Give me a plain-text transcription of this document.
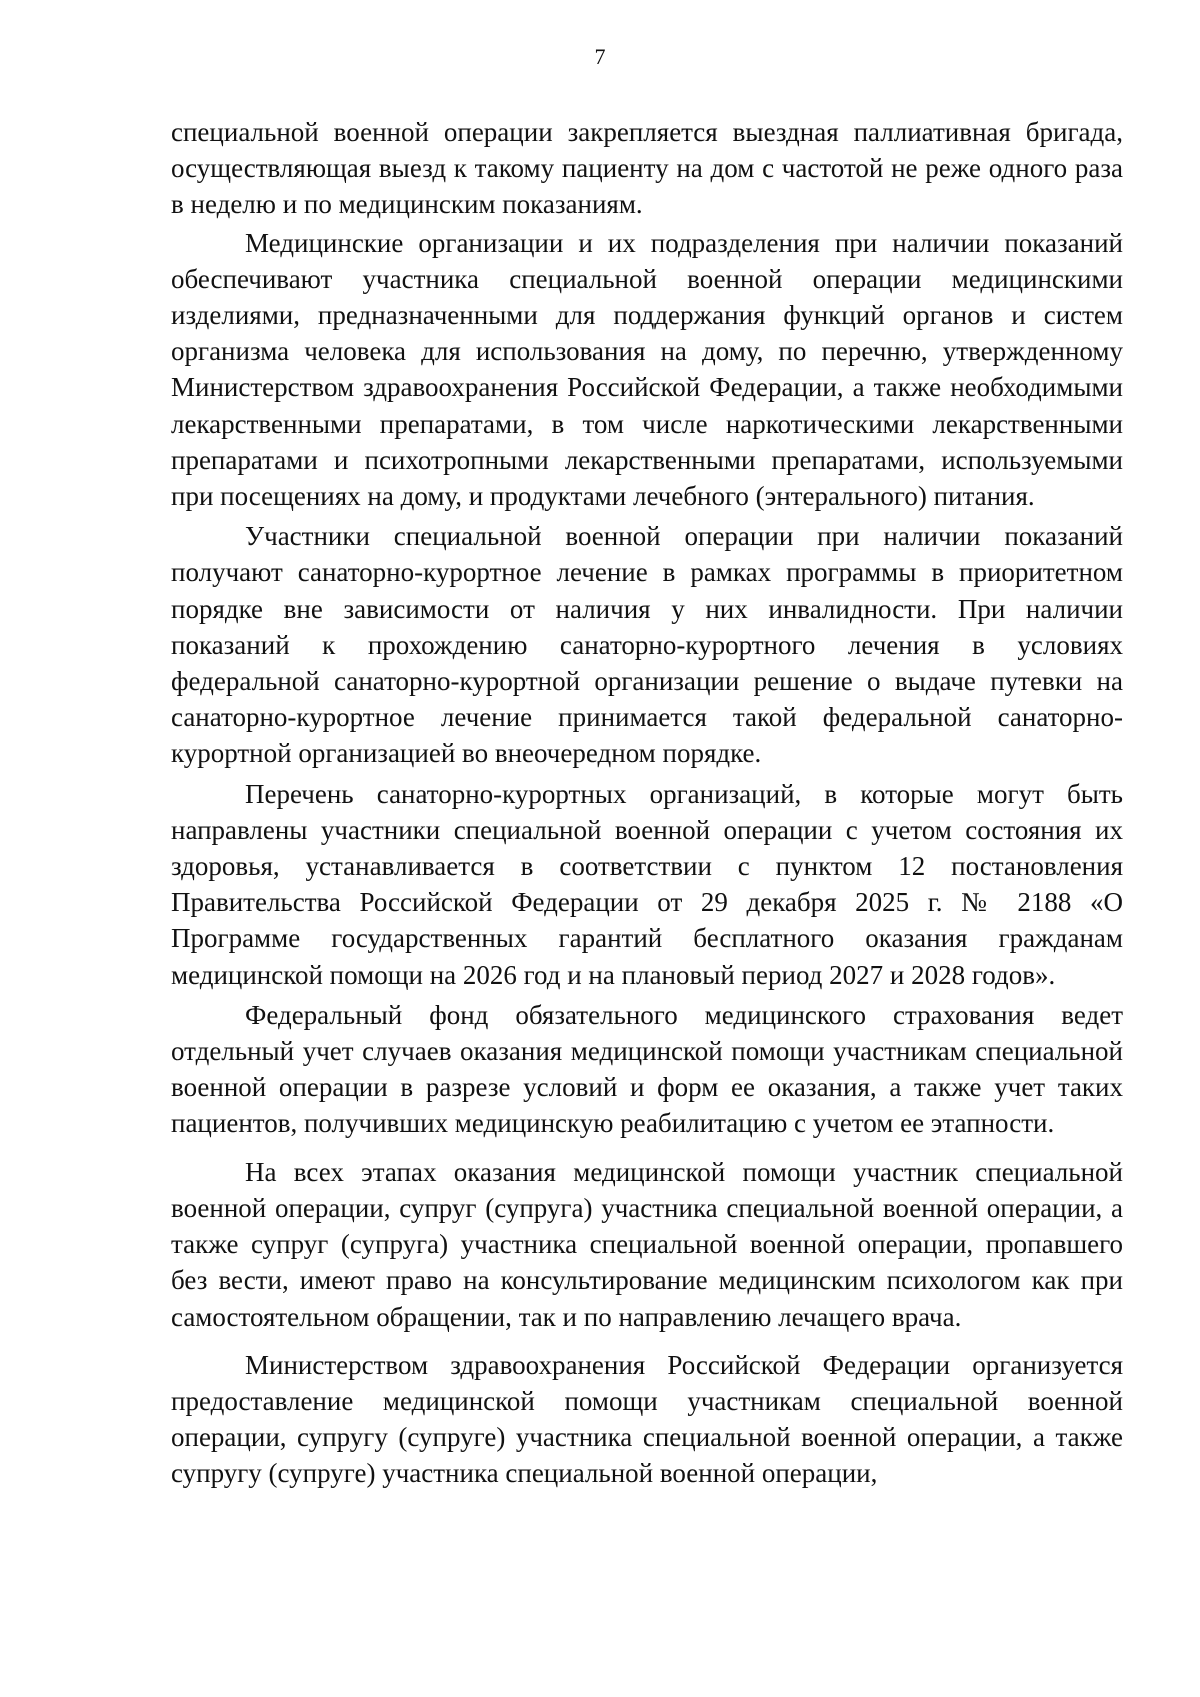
7

специальной военной операции закрепляется выездная паллиативная бригада, осуществляющая выезд к такому пациенту на дом с частотой не реже одного раза в неделю и по медицинским показаниям.

Медицинские организации и их подразделения при наличии показаний обеспечивают участника специальной военной операции медицинскими изделиями, предназначенными для поддержания функций органов и систем организма человека для использования на дому, по перечню, утвержденному Министерством здравоохранения Российской Федерации, а также необходимыми лекарственными препаратами, в том числе наркотическими лекарственными препаратами и психотропными лекарственными препаратами, используемыми при посещениях на дому, и продуктами лечебного (энтерального) питания.

Участники специальной военной операции при наличии показаний получают санаторно-курортное лечение в рамках программы в приоритетном порядке вне зависимости от наличия у них инвалидности. При наличии показаний к прохождению санаторно-курортного лечения в условиях федеральной санаторно-курортной организации решение о выдаче путевки на санаторно-курортное лечение принимается такой федеральной санаторно-курортной организацией во внеочередном порядке.

Перечень санаторно-курортных организаций, в которые могут быть направлены участники специальной военной операции с учетом состояния их здоровья, устанавливается в соответствии с пунктом 12 постановления Правительства Российской Федерации от 29 декабря 2025 г. № 2188 «О Программе государственных гарантий бесплатного оказания гражданам медицинской помощи на 2026 год и на плановый период 2027 и 2028 годов».

Федеральный фонд обязательного медицинского страхования ведет отдельный учет случаев оказания медицинской помощи участникам специальной военной операции в разрезе условий и форм ее оказания, а также учет таких пациентов, получивших медицинскую реабилитацию с учетом ее этапности.

На всех этапах оказания медицинской помощи участник специальной военной операции, супруг (супруга) участника специальной военной операции, а также супруг (супруга) участника специальной военной операции, пропавшего без вести, имеют право на консультирование медицинским психологом как при самостоятельном обращении, так и по направлению лечащего врача.

Министерством здравоохранения Российской Федерации организуется предоставление медицинской помощи участникам специальной военной операции, супругу (супруге) участника специальной военной операции, а также супругу (супруге) участника специальной военной операции,
